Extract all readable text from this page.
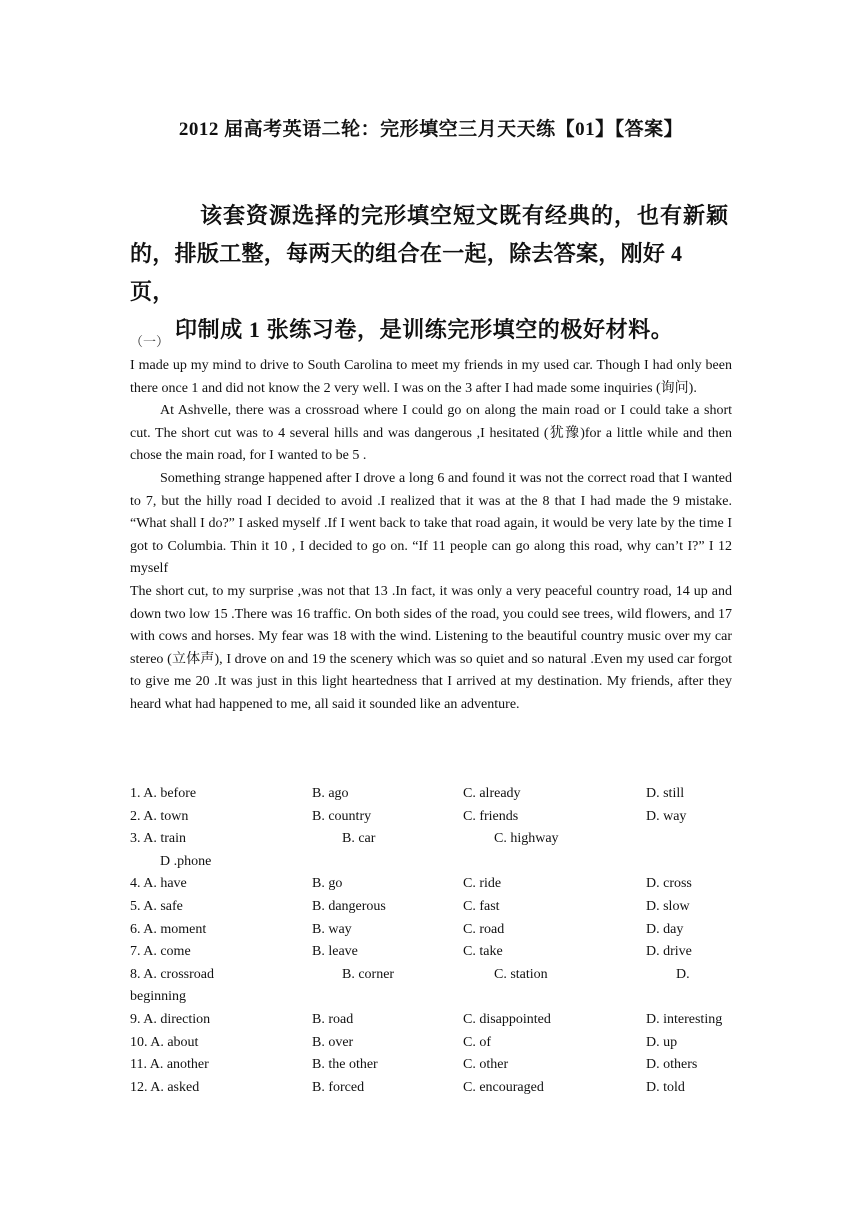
2012 届高考英语二轮：完形填空三月天天练【01】【答案】

该套资源选择的完形填空短文既有经典的，也有新颖

的，排版工整，每两天的组合在一起，除去答案，刚好 4 页，

印制成 1 张练习卷，是训练完形填空的极好材料。

（一）

I made up my mind to drive to South Carolina to meet my friends in my used car. Though I had only been there once 1 and did not know the 2 very well. I was on the 3 after I had made some inquiries (询问).

At Ashvelle, there was a crossroad where I could go on along the main road or I could take a short cut. The short cut was to 4 several hills and was dangerous ,I hesitated (犹豫)for a little while and then chose the main road, for I wanted to be 5 .

Something strange happened after I drove a long 6 and found it was not the correct road that I wanted to 7, but the hilly road I decided to avoid .I realized that it was at the 8 that I had made the 9 mistake. “What shall I do?” I asked myself .If I went back to take that road again, it would be very late by the time I got to Columbia. Thin it 10 , I decided to go on. “If 11 people can go along this road, why can’t I?” I 12 myself

The short cut, to my surprise ,was not that 13 .In fact, it was only a very peaceful country road, 14 up and down two low 15 .There was 16 traffic. On both sides of the road, you could see trees, wild flowers, and 17 with cows and horses. My fear was 18 with the wind. Listening to the beautiful country music over my car stereo (立体声), I drove on and 19 the scenery which was so quiet and so natural .Even my used car forgot to give me 20 .It was just in this light heartedness that I arrived at my destination. My friends, after they heard what had happened to me, all said it sounded like an adventure.

1. A. before	B. ago	C. already	D. still
2. A. town	B. country	C. friends	D. way
3. A. train	B. car	C. highway
D .phone
4. A. have	B. go	C. ride	D. cross
5. A. safe	B. dangerous	C. fast	D. slow
6. A. moment	B. way	C. road	D. day
7. A. come	B. leave	C. take	D. drive
8. A. crossroad	B. corner	C. station	D.
beginning
9. A. direction	B. road	C. disappointed	D. interesting
10. A. about	B. over	C. of	D. up
11. A. another	B. the other	C. other	D. others
12. A. asked	B. forced	C. encouraged	D. told
